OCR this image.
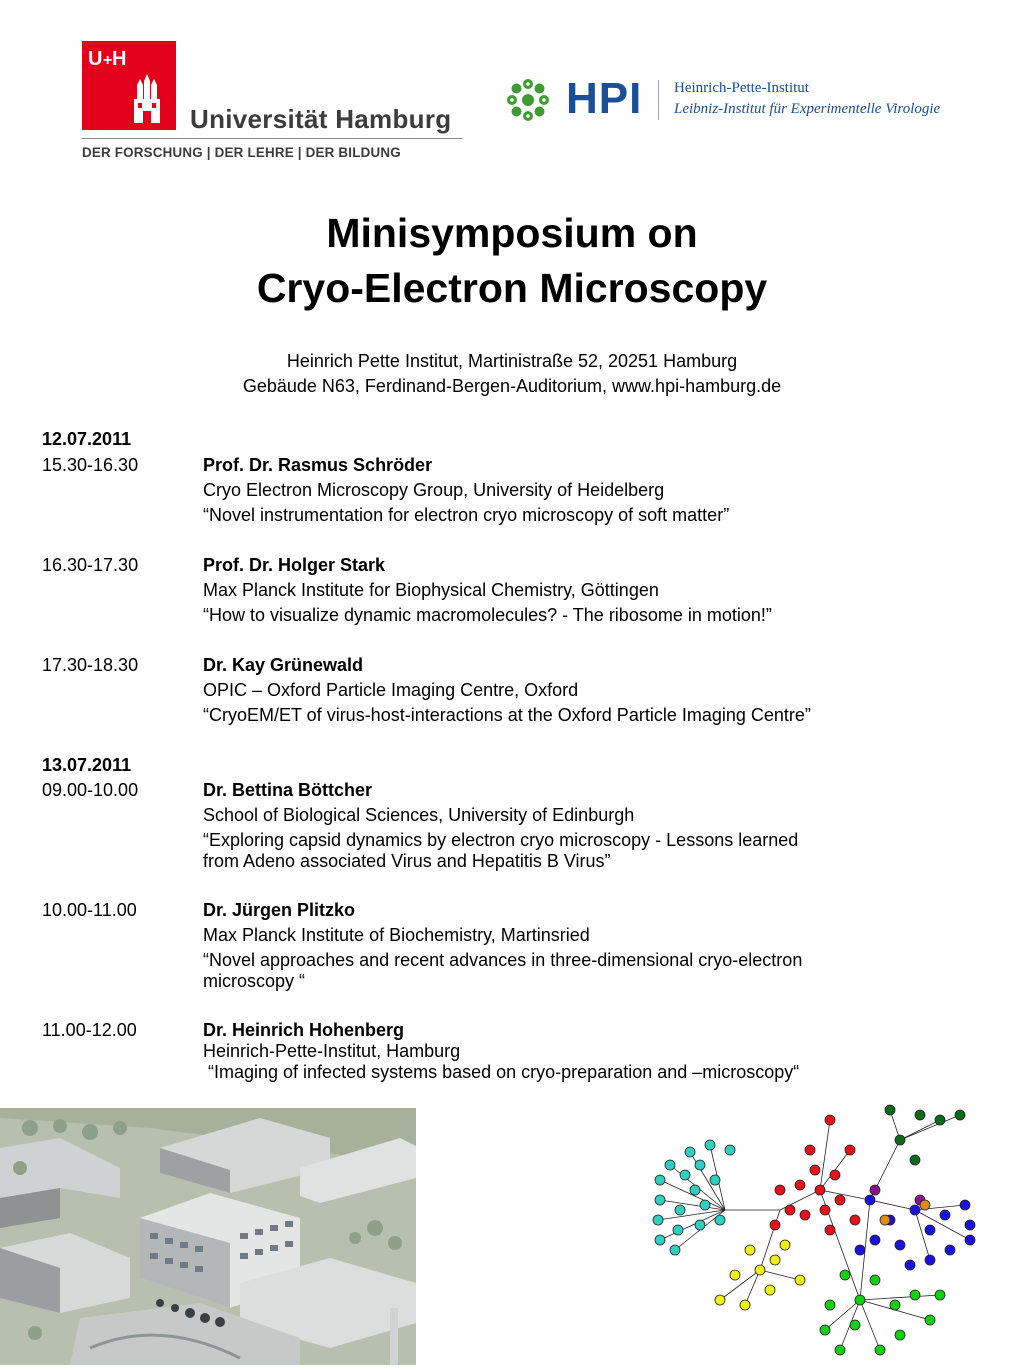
U + H
Universität Hamburg
DER FORSCHUNG | DER LEHRE | DER BILDUNG
HPI Heinrich-Pette-Institut
Leibniz-Institut für Experimentelle Virologie
Minisymposium on
Cryo-Electron Microscopy
Heinrich Pette Institut, Martinistraße 52, 20251 Hamburg
Gebäude N63, Ferdinand-Bergen-Auditorium, www.hpi-hamburg.de
12.07.2011
15.30-16.30	Prof. Dr. Rasmus Schröder
Cryo Electron Microscopy Group, University of Heidelberg
“Novel instrumentation for electron cryo microscopy of soft matter”
16.30-17.30	Prof. Dr. Holger Stark
Max Planck Institute for Biophysical Chemistry, Göttingen
“How to visualize dynamic macromolecules? - The ribosome in motion!”
17.30-18.30	Dr. Kay Grünewald
OPIC – Oxford Particle Imaging Centre, Oxford
“CryoEM/ET of virus-host-interactions at the Oxford Particle Imaging Centre”
13.07.2011
09.00-10.00	Dr. Bettina Böttcher
School of Biological Sciences, University of Edinburgh
“Exploring capsid dynamics by electron cryo microscopy - Lessons learned
from Adeno associated Virus and Hepatitis B Virus”
10.00-11.00	Dr. Jürgen Plitzko
Max Planck Institute of Biochemistry, Martinsried
“Novel approaches and recent advances in three-dimensional cryo-electron
microscopy “
11.00-12.00	Dr. Heinrich Hohenberg
Heinrich-Pette-Institut, Hamburg
“Imaging of infected systems based on cryo-preparation and –microscopy“
